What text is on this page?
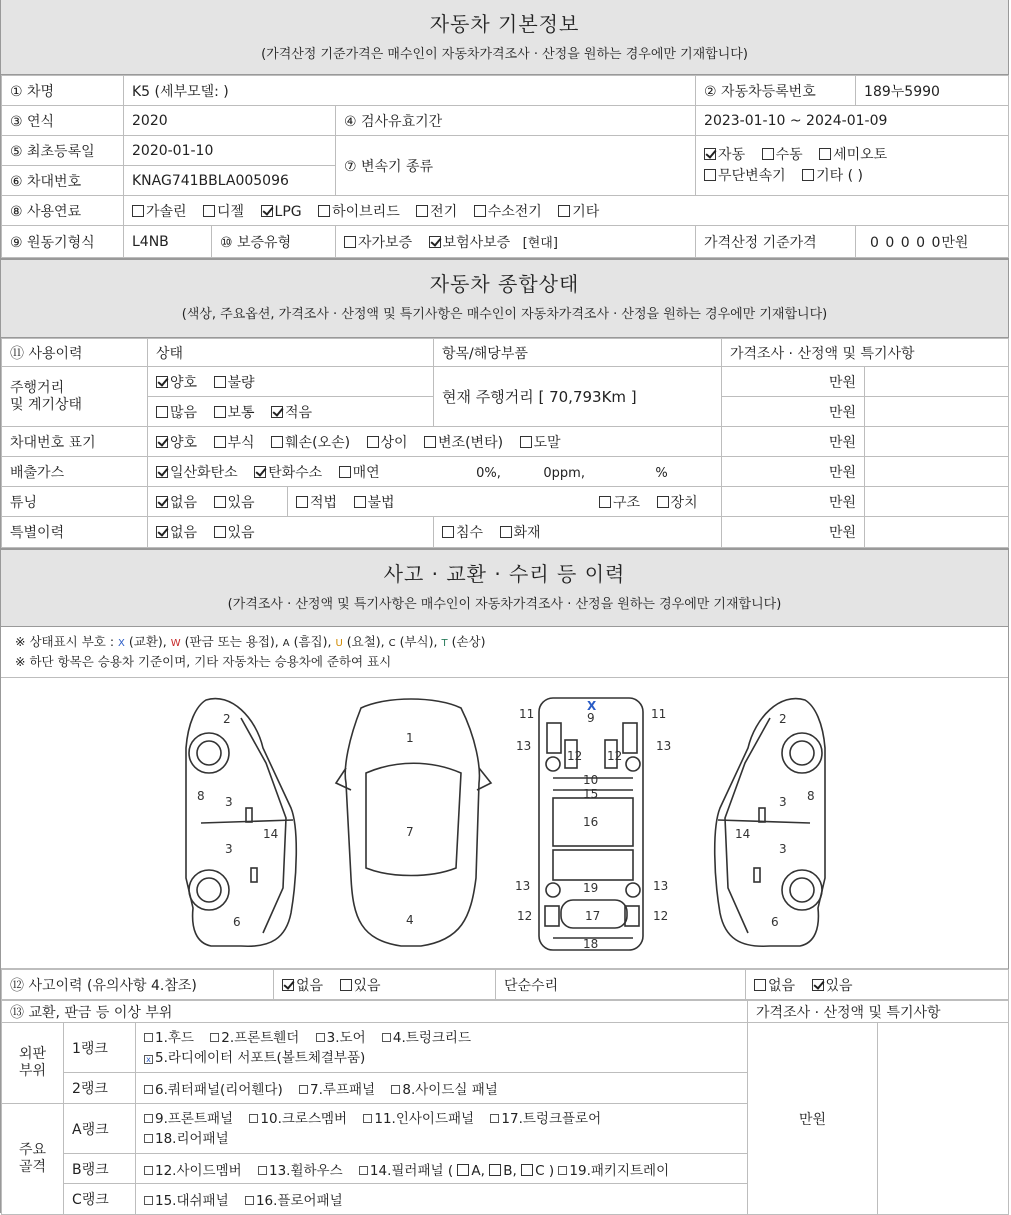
자동차 기본정보
(가격산정 기준가격은 매수인이 자동차가격조사 · 산정을 원하는 경우에만 기재합니다)
① 차명	K5 (세부모델: )			② 자동차등록번호	189누5990
③ 연식	2020		④ 검사유효기간	2023-01-10 ~ 2024-01-09	
⑤ 최초등록일	2020-01-10		⑦ 변속기 종류	자동 수동 세미오토
무단변속기 기타 ( )	
⑥ 차대번호	KNAG741BBLA005096				
⑧ 사용연료	가솔린 디젤 LPG 하이브리드 전기 수소전기 기타				
⑨ 원동기형식	L4NB	⑩ 보증유형	자가보증 보험사보증 [현대]	가격산정 기준가격	0 0 0 0 0만원
자동차 종합상태
(색상, 주요옵션, 가격조사 · 산정액 및 특기사항은 매수인이 자동차가격조사 · 산정을 원하는 경우에만 기재합니다)
⑪ 사용이력	상태		항목/해당부품	가격조사 · 산정액 및 특기사항	
주행거리
및 계기상태	양호 불량		현재 주행거리 [ 70,793Km ]	만원	
	많음 보통 적음			만원	
차대번호 표기	양호 부식 훼손(오손) 상이 변조(변타) 도말			만원	
배출가스	일산화탄소 탄화수소 매연 0%, 0ppm, %			만원	
튜닝	없음 있음	적법 불법 구조 장치		만원	
특별이력	없음 있음		침수 화재	만원	
사고 · 교환 · 수리 등 이력
(가격조사 · 산정액 및 특기사항은 매수인이 자동차가격조사 · 산정을 원하는 경우에만 기재합니다)
※ 상태표시 부호 : X (교환), W (판금 또는 용접), A (흠집), U (요철), C (부식), T (손상)
※ 하단 항목은 승용차 기준이며, 기타 자동차는 승용차에 준하여 표시
2
8 3
14
3
6
1
7
4
11	11
9
13	13
12 12
10
15
16
13	13
19
12	12
17
18
X
2
8
3
14
3
6
⑫ 사고이력 (유의사항 4.참조)	없음 있음	단순수리	없음 있음
⑬ 교환, 판금 등 이상 부위			가격조사 · 산정액 및 특기사항	
외판
부위	1랭크	1.후드 2.프론트휀더 3.도어 4.트렁크리드
x 5.라디에이터 서포트(볼트체결부품)	만원	
	2랭크	6.쿼터패널(리어휀다) 7.루프패널 8.사이드실 패널		
주요
골격	A랭크	9.프론트패널 10.크로스멤버 11.인사이드패널 17.트렁크플로어
18.리어패널		
	B랭크	12.사이드멤버 13.휠하우스 14.필러패널 ( A, B, C ) 19.패키지트레이		
	C랭크	15.대쉬패널 16.플로어패널		
